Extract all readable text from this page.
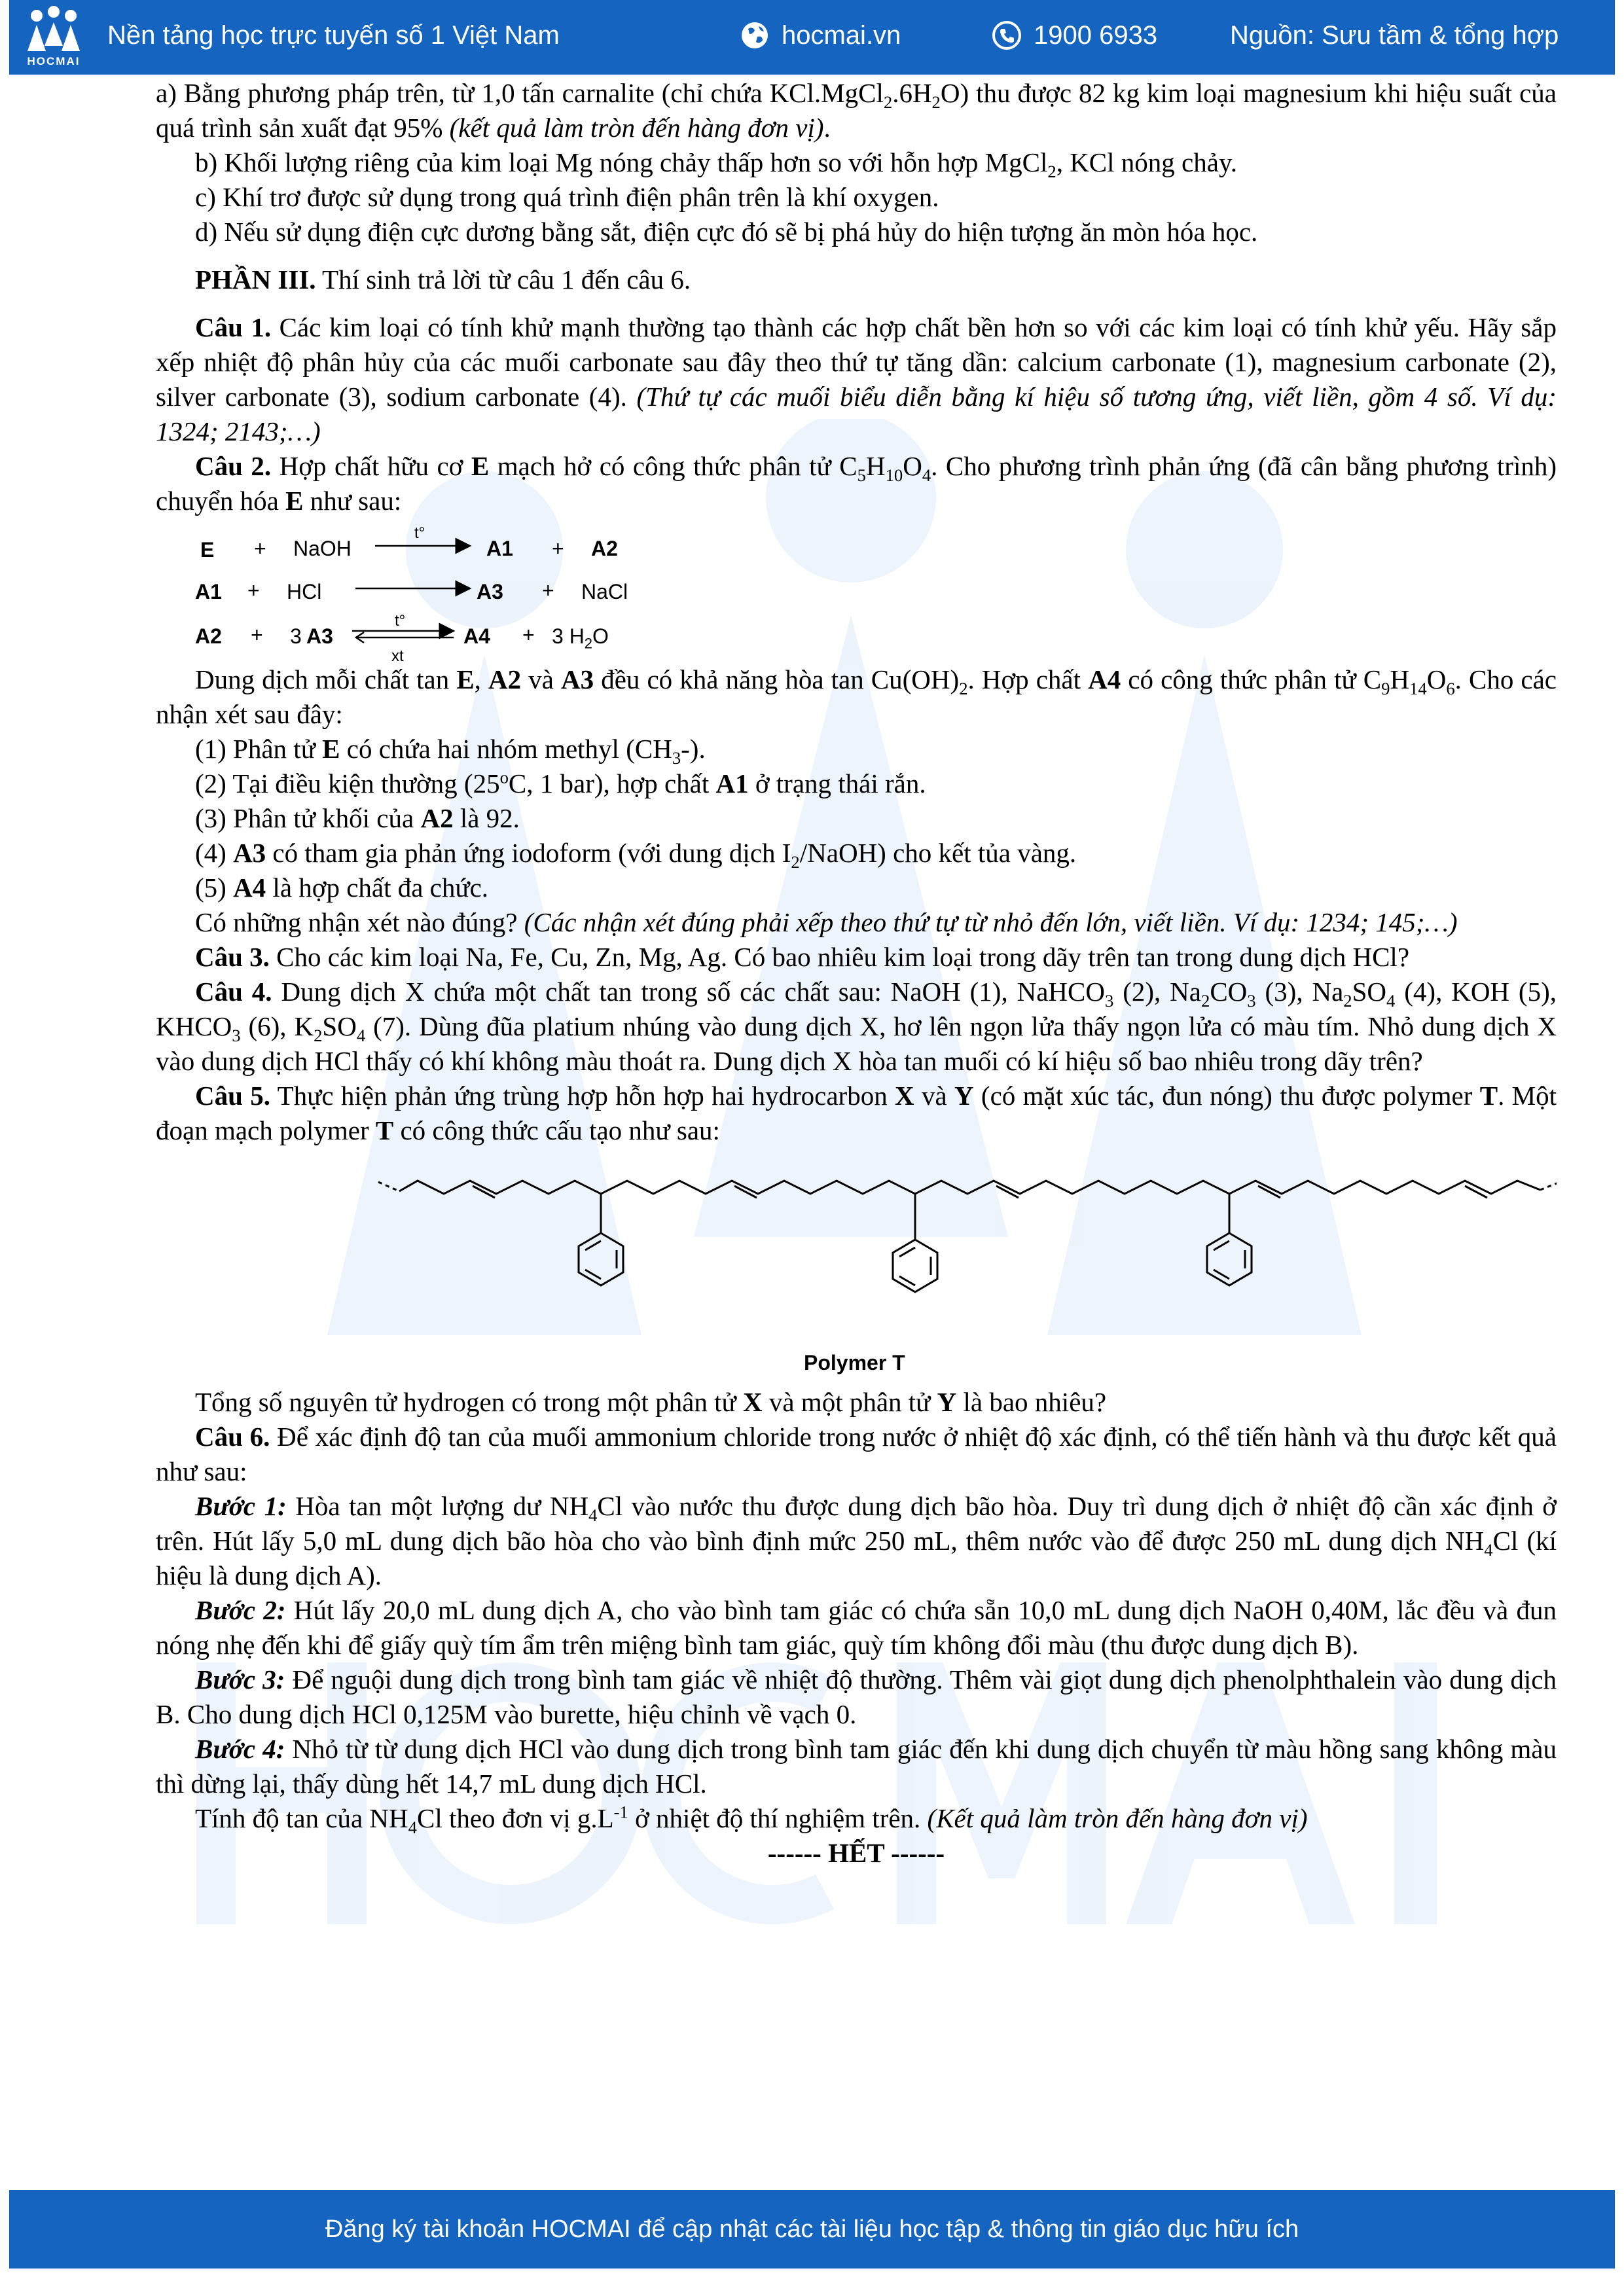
HOCMAI
Nền tảng học trực tuyến số 1 Việt Nam	hocmai.vn	1900 6933	Nguồn: Sưu tầm & tổng hợp

a) Bằng phương pháp trên, từ 1,0 tấn carnalite (chỉ chứa $KCl.MgCl_2.6H_2O$) thu được 82 kg kim loại magnesium khi hiệu suất của quá trình sản xuất đạt 95% (kết quả làm tròn đến hàng đơn vị).

b) Khối lượng riêng của kim loại Mg nóng chảy thấp hơn so với hỗn hợp MgCl$_2$, KCl nóng chảy.

c) Khí trơ được sử dụng trong quá trình điện phân trên là khí oxygen.

d) Nếu sử dụng điện cực dương bằng sắt, điện cực đó sẽ bị phá hủy do hiện tượng ăn mòn hóa học.

PHẦN III. Thí sinh trả lời từ câu 1 đến câu 6.

Câu 1. Các kim loại có tính khử mạnh thường tạo thành các hợp chất bền hơn so với các kim loại có tính khử yếu. Hãy sắp xếp nhiệt độ phân hủy của các muối carbonate sau đây theo thứ tự tăng dần: calcium carbonate (1), magnesium carbonate (2), silver carbonate (3), sodium carbonate (4). (Thứ tự các muối biểu diễn bằng kí hiệu số tương ứng, viết liền, gồm 4 số. Ví dụ: 1324; 2143;…)

Câu 2. Hợp chất hữu cơ E mạch hở có công thức phân tử $C_5H_{10}O_4$. Cho phương trình phản ứng (đã cân bằng phương trình) chuyển hóa E như sau:

E + NaOH
t°
A1 + A2
A1 + HCl	A3 + NaCl
A2 + 3 A3
t°
xt
A4 + 3 $H_2O$

Dung dịch mỗi chất tan E, A2 và A3 đều có khả năng hòa $\tan Cu(OH)_2$. Hợp chất A4 có công thức phân tử $C_9H_{14}O_6$. Cho các nhận xét sau đây:

(1) Phân tử E có chứa hai nhóm methyl $(CH_3-)$.

(2) Tại điều kiện thường (25$^o$C, 1 bar), hợp chất A1 ở trạng thái rắn.

(3) Phân tử khối của A2 là 92.

(4) A3 có tham gia phản ứng iodoform (với dung dịch $I_2/NaOH$) cho kết tủa vàng.

(5) A4 là hợp chất đa chức.

Có những nhận xét nào đúng? (Các nhận xét đúng phải xếp theo thứ tự từ nhỏ đến lớn, viết liền. Ví dụ: 1234; 145;…)

Câu 3. Cho các kim loại Na, Fe, Cu, Zn, Mg, Ag. Có bao nhiêu kim loại trong dãy trên tan trong dung dịch HCl?

Câu 4. Dung dịch X chứa một chất tan trong số các chất sau: NaOH (1), NaHCO$_3$ (2), $Na_2CO_3$ (3), $Na_2SO_4$ (4), KOH (5), $KHCO_3$ (6), $K_2SO_4$ (7). Dùng đũa platium nhúng vào dung dịch X, hơ lên ngọn lửa thấy ngọn lửa có màu tím. Nhỏ dung dịch X vào dung dịch HCl thấy có khí không màu thoát ra. Dung dịch X hòa tan muối có kí hiệu số bao nhiêu trong dãy trên?

Câu 5. Thực hiện phản ứng trùng hợp hỗn hợp hai hydrocarbon X và Y (có mặt xúc tác, đun nóng) thu được polymer T. Một đoạn mạch polymer T có công thức cấu tạo như sau:

Polymer T

Tổng số nguyên tử hydrogen có trong một phân tử X và một phân tử Y là bao nhiêu?

Câu 6. Để xác định độ tan của muối ammonium chloride trong nước ở nhiệt độ xác định, có thể tiến hành và thu được kết quả như sau:

Bước 1: Hòa tan một lượng dư $NH_4Cl$ vào nước thu được dung dịch bão hòa. Duy trì dung dịch ở nhiệt độ cần xác định ở trên. Hút lấy 5,0 mL dung dịch bão hòa cho vào bình định mức 250 mL, thêm nước vào để được 250 mL dung dịch $NH_4Cl$ (kí hiệu là dung dịch A).

Bước 2: Hút lấy 20,0 mL dung dịch A, cho vào bình tam giác có chứa sẵn 10,0 mL dung dịch NaOH 0,40M, lắc đều và đun nóng nhẹ đến khi để giấy quỳ tím ẩm trên miệng bình tam giác, quỳ tím không đổi màu (thu được dung dịch B).

Bước 3: Để nguội dung dịch trong bình tam giác về nhiệt độ thường. Thêm vài giọt dung dịch phenolphthalein vào dung dịch B. Cho dung dịch HCl 0,125M vào burette, hiệu chỉnh về vạch 0.

Bước 4: Nhỏ từ từ dung dịch HCl vào dung dịch trong bình tam giác đến khi dung dịch chuyển từ màu hồng sang không màu thì dừng lại, thấy dùng hết 14,7 mL dung dịch HCl.

Tính độ tan của $NH_4Cl$ theo đơn vị $g.L^{-1}$ ở nhiệt độ thí nghiệm trên. (Kết quả làm tròn đến hàng đơn vị)

------ HẾT ------

Đăng ký tài khoản HOCMAI để cập nhật các tài liệu học tập & thông tin giáo dục hữu ích
